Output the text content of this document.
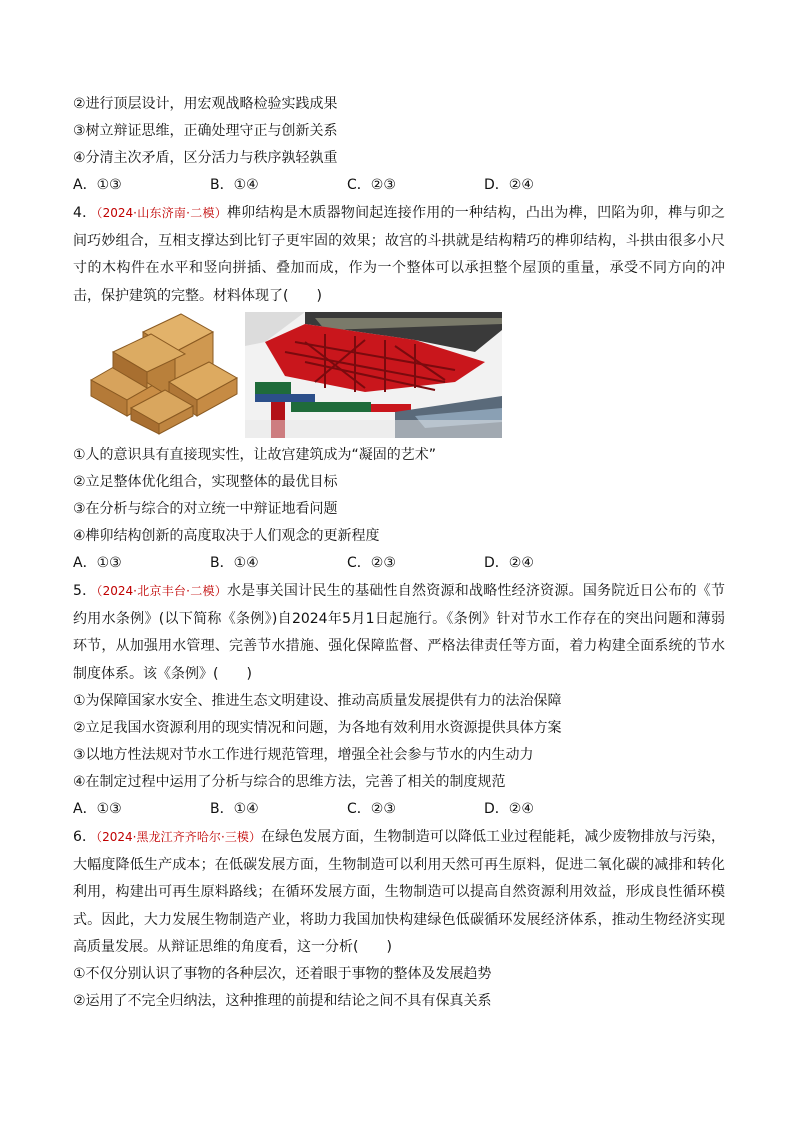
②进行顶层设计，用宏观战略检验实践成果
③树立辩证思维，正确处理守正与创新关系
④分清主次矛盾，区分活力与秩序孰轻孰重
A．①③	B．①④	C．②③	D．②④
4．（2024·山东济南·二模）榫卯结构是木质器物间起连接作用的一种结构，凸出为榫，凹陷为卯，榫与卯之间巧妙组合，互相支撑达到比钉子更牢固的效果；故宫的斗拱就是结构精巧的榫卯结构，斗拱由很多小尺寸的木构件在水平和竖向拼插、叠加而成，作为一个整体可以承担整个屋顶的重量，承受不同方向的冲击，保护建筑的完整。材料体现了(　　)
①人的意识具有直接现实性，让故宫建筑成为“凝固的艺术”
②立足整体优化组合，实现整体的最优目标
③在分析与综合的对立统一中辩证地看问题
④榫卯结构创新的高度取决于人们观念的更新程度
A．①③	B．①④	C．②③	D．②④
5．（2024·北京丰台·二模）水是事关国计民生的基础性自然资源和战略性经济资源。国务院近日公布的《节约用水条例》(以下简称《条例》)自2024年5月1日起施行。《条例》针对节水工作存在的突出问题和薄弱环节，从加强用水管理、完善节水措施、强化保障监督、严格法律责任等方面，着力构建全面系统的节水制度体系。该《条例》(　　)
①为保障国家水安全、推进生态文明建设、推动高质量发展提供有力的法治保障
②立足我国水资源利用的现实情况和问题，为各地有效利用水资源提供具体方案
③以地方性法规对节水工作进行规范管理，增强全社会参与节水的内生动力
④在制定过程中运用了分析与综合的思维方法，完善了相关的制度规范
A．①③	B．①④	C．②③	D．②④
6．（2024·黑龙江齐齐哈尔·三模）在绿色发展方面，生物制造可以降低工业过程能耗，减少废物排放与污染，大幅度降低生产成本；在低碳发展方面，生物制造可以利用天然可再生原料，促进二氧化碳的减排和转化利用，构建出可再生原料路线；在循环发展方面，生物制造可以提高自然资源利用效益，形成良性循环模式。因此，大力发展生物制造产业，将助力我国加快构建绿色低碳循环发展经济体系，推动生物经济实现高质量发展。从辩证思维的角度看，这一分析(　　)
①不仅分别认识了事物的各种层次，还着眼于事物的整体及发展趋势
②运用了不完全归纳法，这种推理的前提和结论之间不具有保真关系
